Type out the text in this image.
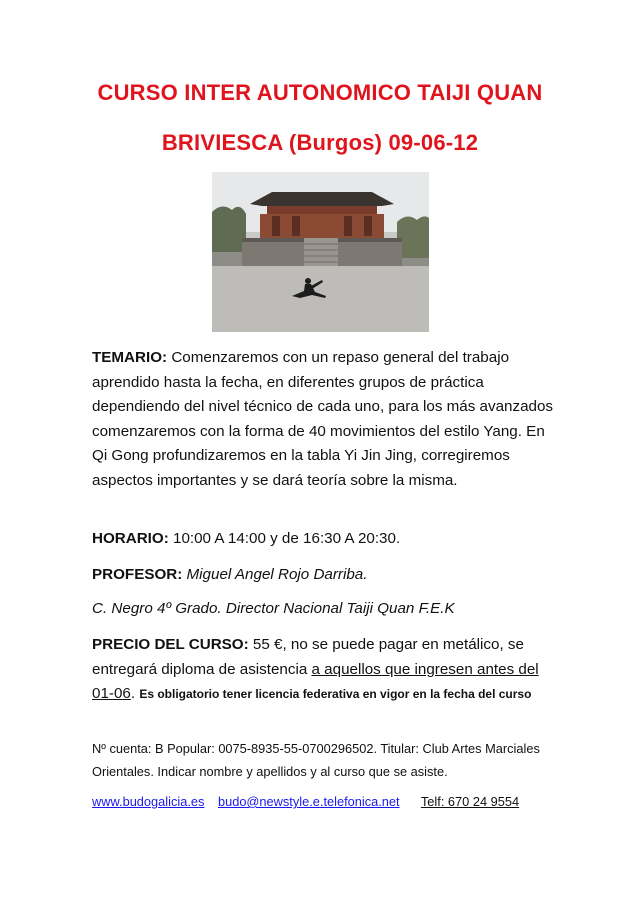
CURSO INTER AUTONOMICO TAIJI QUAN
BRIVIESCA (Burgos) 09-06-12
TEMARIO: Comenzaremos con un repaso general del trabajo aprendido hasta la fecha, en diferentes grupos de práctica dependiendo del nivel técnico de cada uno, para los más avanzados comenzaremos con la forma de 40 movimientos del estilo Yang. En Qi Gong profundizaremos en la tabla Yi Jin Jing, corregiremos aspectos importantes y se dará teoría sobre la misma.
HORARIO: 10:00 A 14:00 y de 16:30 A 20:30.
PROFESOR: Miguel Angel Rojo Darriba.
C. Negro 4º Grado. Director Nacional Taiji Quan F.E.K
PRECIO DEL CURSO: 55 €, no se puede pagar en metálico, se entregará diploma de asistencia a aquellos que ingresen antes del 01-06. Es obligatorio tener licencia federativa en vigor en la fecha del curso
Nº cuenta: B Popular: 0075-8935-55-0700296502. Titular: Club Artes Marciales Orientales. Indicar nombre y apellidos y al curso que se asiste.
www.budogalicia.es budo@newstyle.e.telefonica.net Telf: 670 24 9554
